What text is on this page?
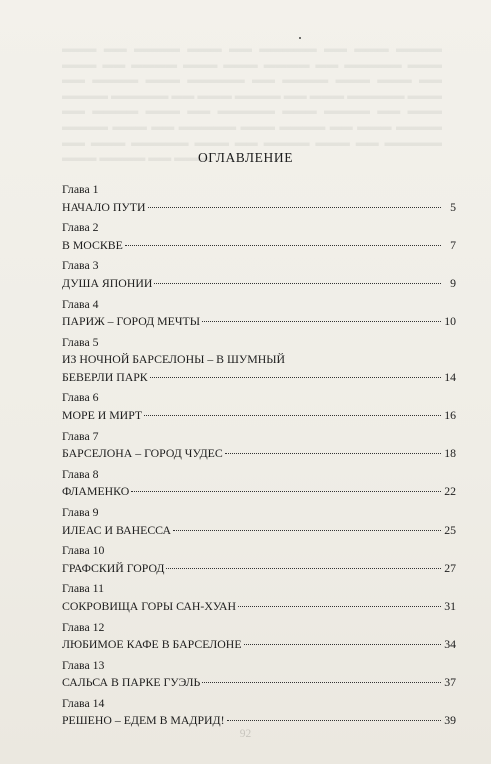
▬▬▬ ▬▬ ▬▬▬▬ ▬▬▬ ▬▬ ▬▬▬▬▬ ▬▬ ▬▬▬ ▬▬▬▬ ▬▬▬ ▬▬ ▬▬▬▬ ▬▬▬ ▬▬▬ ▬▬▬▬ ▬▬ ▬▬▬▬▬ ▬▬▬ ▬▬ ▬▬▬▬ ▬▬▬ ▬▬▬▬▬ ▬▬ ▬▬▬▬ ▬▬▬ ▬▬▬ ▬▬ ▬▬▬▬ ▬▬▬▬▬ ▬▬ ▬▬▬ ▬▬▬▬ ▬▬ ▬▬▬ ▬▬▬▬▬ ▬▬▬ ▬▬ ▬▬▬▬ ▬▬▬ ▬▬ ▬▬▬▬▬ ▬▬▬ ▬▬▬▬ ▬▬ ▬▬▬ ▬▬▬▬ ▬▬▬ ▬▬ ▬▬▬▬▬ ▬▬▬ ▬▬▬▬ ▬▬ ▬▬▬ ▬▬▬▬ ▬▬ ▬▬▬ ▬▬▬▬▬ ▬▬▬ ▬▬ ▬▬▬▬ ▬▬▬ ▬▬ ▬▬▬▬▬ ▬▬▬ ▬▬▬▬ ▬▬ ▬▬▬
ОГЛАВЛЕНИЕ
Глава 1
НАЧАЛО ПУТИ	5
Глава 2
В МОСКВЕ	7
Глава 3
ДУША ЯПОНИИ	9
Глава 4
ПАРИЖ – ГОРОД МЕЧТЫ	10
Глава 5
ИЗ НОЧНОЙ БАРСЕЛОНЫ – В ШУМНЫЙ
БЕВЕРЛИ ПАРК	14
Глава 6
МОРЕ И МИРТ	16
Глава 7
БАРСЕЛОНА – ГОРОД ЧУДЕС	18
Глава 8
ФЛАМЕНКО	22
Глава 9
ИЛЕАС И ВАНЕССА	25
Глава 10
ГРАФСКИЙ ГОРОД	27
Глава 11
СОКРОВИЩА ГОРЫ САН-ХУАН	31
Глава 12
ЛЮБИМОЕ КАФЕ В БАРСЕЛОНЕ	34
Глава 13
САЛЬСА В ПАРКЕ ГУЭЛЬ	37
Глава 14
РЕШЕНО – ЕДЕМ В МАДРИД!	39
92
